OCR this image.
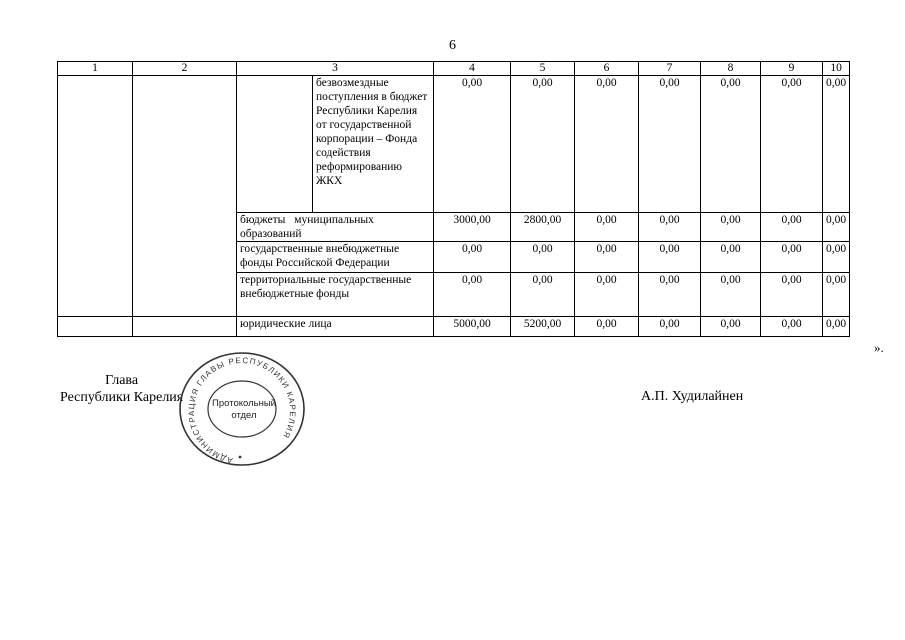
6
1	2	3		4	5	6	7	8	9	10
			безвозмездные поступления в бюджет Республики Карелия от государственной корпорации – Фонда содействия реформированию ЖКХ	0,00	0,00	0,00	0,00	0,00	0,00	0,00
		бюджеты муниципальных образований		3000,00	2800,00	0,00	0,00	0,00	0,00	0,00
		государственные внебюджетные фонды Российской Федерации		0,00	0,00	0,00	0,00	0,00	0,00	0,00
		территориальные государственные внебюджетные фонды		0,00	0,00	0,00	0,00	0,00	0,00	0,00
		юридические лица		5000,00	5200,00	0,00	0,00	0,00	0,00	0,00
».
Глава
Республики Карелия
АДМИНИСТРАЦИЯ ГЛАВЫ РЕСПУБЛИКИ КАРЕЛИЯ
Протокольный
отдел
А.П. Худилайнен
